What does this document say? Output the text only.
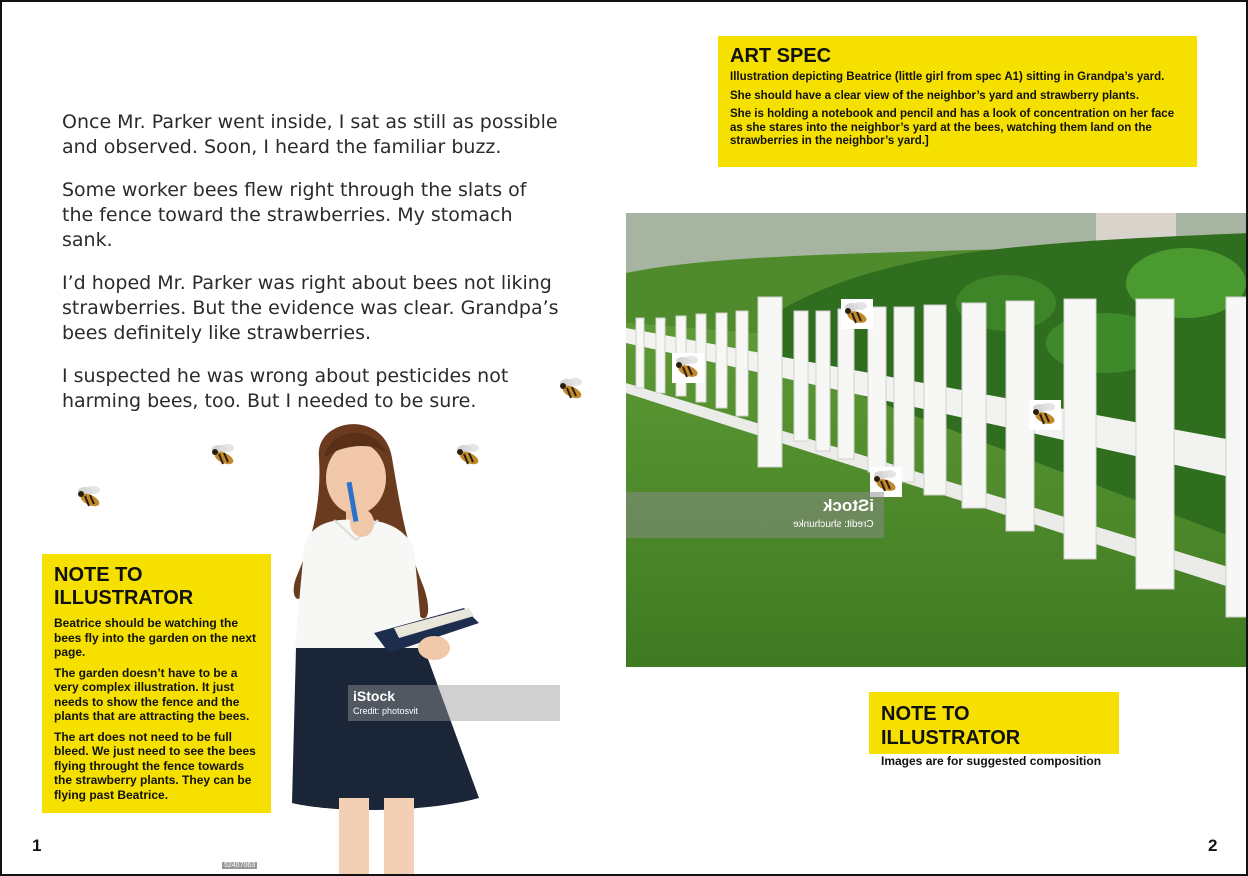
Once Mr. Parker went inside, I sat as still as possible and observed. Soon, I heard the familiar buzz.

Some worker bees flew right through the slats of the fence toward the strawberries. My stomach sank.

I’d hoped Mr. Parker was right about bees not liking strawberries. But the evidence was clear. Grandpa’s bees definitely like strawberries.

I suspected he was wrong about pesticides not harming bees, too. But I needed to be sure.

iStock
Credit: photosvit
52407063
NOTE TO ILLUSTRATOR

Beatrice should be watching the bees fly into the garden on the next page.

The garden doesn’t have to be a very complex illustration. It just needs to show the fence and the plants that are attracting the bees.

The art does not need to be full bleed. We just need to see the bees flying throught the fence towards the strawberry plants. They can be flying past Beatrice.

ART SPEC

Illustration depicting Beatrice (little girl from spec A1) sitting in Grandpa’s yard.

She should have a clear view of the neighbor’s yard and strawberry plants.

She is holding a notebook and pencil and has a look of concentration on her face as she stares into the neighbor’s yard at the bees, watching them land on the strawberries in the neighbor’s yard.]

iStock
Credit: shuchunke
NOTE TO ILLUSTRATOR

Images are for suggested composition

1	2
